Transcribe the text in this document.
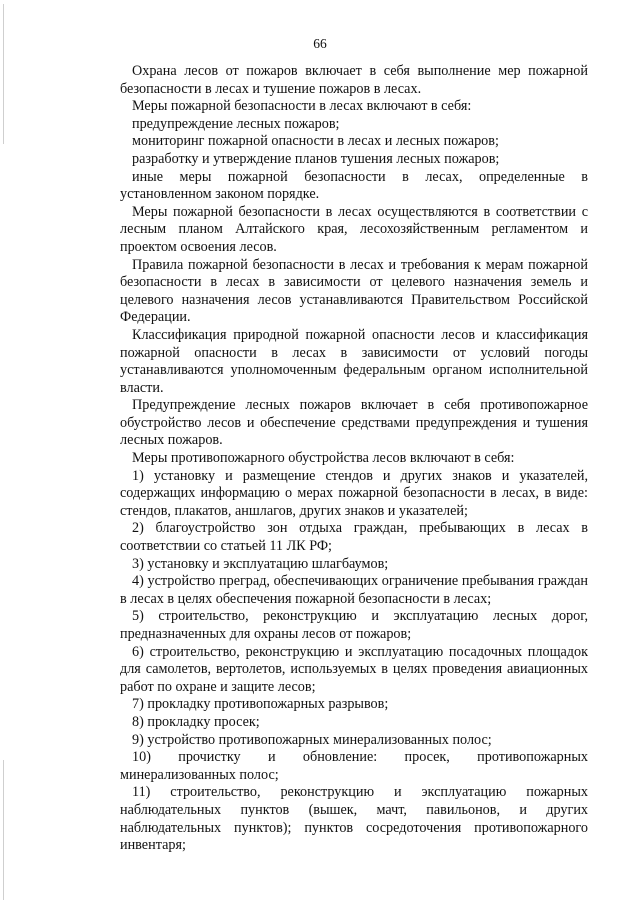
66

Охрана лесов от пожаров включает в себя выполнение мер пожарной безопасности в лесах и тушение пожаров в лесах.

Меры пожарной безопасности в лесах включают в себя:

предупреждение лесных пожаров;

мониторинг пожарной опасности в лесах и лесных пожаров;

разработку и утверждение планов тушения лесных пожаров;

иные меры пожарной безопасности в лесах, определенные в установленном законом порядке.

Меры пожарной безопасности в лесах осуществляются в соответствии с лесным планом Алтайского края, лесохозяйственным регламентом и проектом освоения лесов.

Правила пожарной безопасности в лесах и требования к мерам пожарной безопасности в лесах в зависимости от целевого назначения земель и целевого назначения лесов устанавливаются Правительством Российской Федерации.

Классификация природной пожарной опасности лесов и классификация пожарной опасности в лесах в зависимости от условий погоды устанавливаются уполномоченным федеральным органом исполнительной власти.

Предупреждение лесных пожаров включает в себя противопожарное обустройство лесов и обеспечение средствами предупреждения и тушения лесных пожаров.

Меры противопожарного обустройства лесов включают в себя:

1) установку и размещение стендов и других знаков и указателей, содержащих информацию о мерах пожарной безопасности в лесах, в виде: стендов, плакатов, аншлагов, других знаков и указателей;

2) благоустройство зон отдыха граждан, пребывающих в лесах в соответствии со статьей 11 ЛК РФ;

3) установку и эксплуатацию шлагбаумов;

4) устройство преград, обеспечивающих ограничение пребывания граждан в лесах в целях обеспечения пожарной безопасности в лесах;

5) строительство, реконструкцию и эксплуатацию лесных дорог, предназначенных для охраны лесов от пожаров;

6) строительство, реконструкцию и эксплуатацию посадочных площадок для самолетов, вертолетов, используемых в целях проведения авиационных работ по охране и защите лесов;

7) прокладку противопожарных разрывов;

8) прокладку просек;

9) устройство противопожарных минерализованных полос;

10) прочистку и обновление: просек, противопожарных минерализованных полос;

11) строительство, реконструкцию и эксплуатацию пожарных наблюдательных пунктов (вышек, мачт, павильонов, и других наблюдательных пунктов); пунктов сосредоточения противопожарного инвентаря;
